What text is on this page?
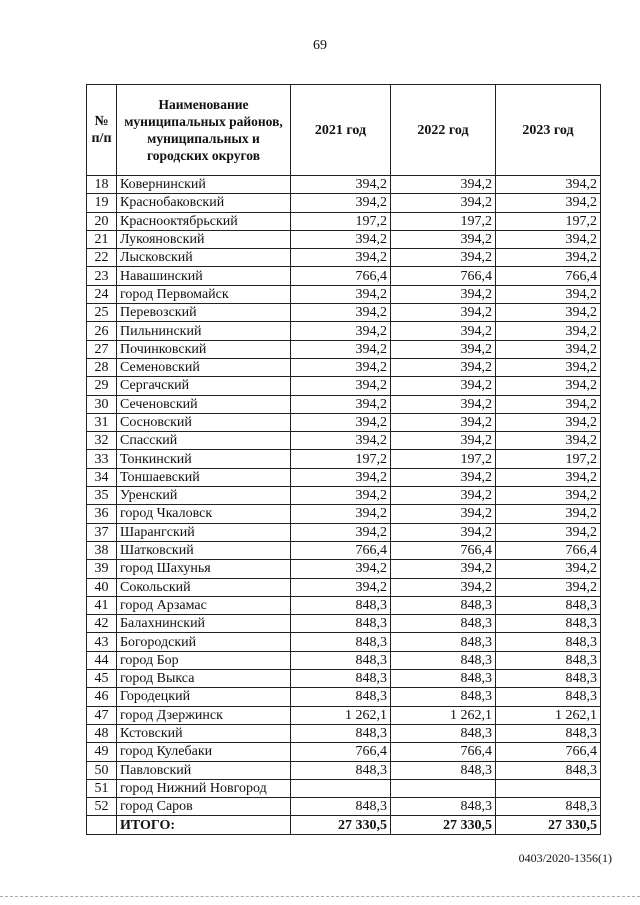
69
№ п/п	Наименование муниципальных районов, муниципальных и городских округов	2021 год	2022 год	2023 год
18	Ковернинский	394,2	394,2	394,2
19	Краснобаковский	394,2	394,2	394,2
20	Краснооктябрьский	197,2	197,2	197,2
21	Лукояновский	394,2	394,2	394,2
22	Лысковский	394,2	394,2	394,2
23	Навашинский	766,4	766,4	766,4
24	город Первомайск	394,2	394,2	394,2
25	Перевозский	394,2	394,2	394,2
26	Пильнинский	394,2	394,2	394,2
27	Починковский	394,2	394,2	394,2
28	Семеновский	394,2	394,2	394,2
29	Сергачский	394,2	394,2	394,2
30	Сеченовский	394,2	394,2	394,2
31	Сосновский	394,2	394,2	394,2
32	Спасский	394,2	394,2	394,2
33	Тонкинский	197,2	197,2	197,2
34	Тоншаевский	394,2	394,2	394,2
35	Уренский	394,2	394,2	394,2
36	город Чкаловск	394,2	394,2	394,2
37	Шарангский	394,2	394,2	394,2
38	Шатковский	766,4	766,4	766,4
39	город Шахунья	394,2	394,2	394,2
40	Сокольский	394,2	394,2	394,2
41	город Арзамас	848,3	848,3	848,3
42	Балахнинский	848,3	848,3	848,3
43	Богородский	848,3	848,3	848,3
44	город Бор	848,3	848,3	848,3
45	город Выкса	848,3	848,3	848,3
46	Городецкий	848,3	848,3	848,3
47	город Дзержинск	1 262,1	1 262,1	1 262,1
48	Кстовский	848,3	848,3	848,3
49	город Кулебаки	766,4	766,4	766,4
50	Павловский	848,3	848,3	848,3
51	город Нижний Новгород			
52	город Саров	848,3	848,3	848,3
	ИТОГО:	27 330,5	27 330,5	27 330,5
0403/2020-1356(1)
